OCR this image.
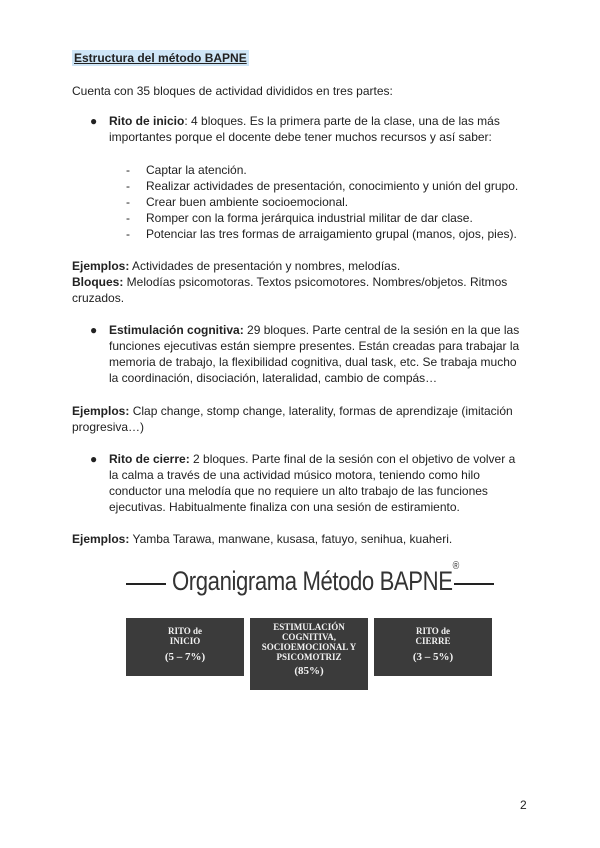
Estructura del método BAPNE

Cuenta con 35 bloques de actividad divididos en tres partes:

● Rito de inicio: 4 bloques. Es la primera parte de la clase, una de las más
importantes porque el docente debe tener muchos recursos y así saber:
- Captar la atención.
- Realizar actividades de presentación, conocimiento y unión del grupo.
- Crear buen ambiente socioemocional.
- Romper con la forma jerárquica industrial militar de dar clase.
- Potenciar las tres formas de arraigamiento grupal (manos, ojos, pies).
Ejemplos: Actividades de presentación y nombres, melodías.
Bloques: Melodías psicomotoras. Textos psicomotores. Nombres/objetos. Ritmos
cruzados.
● Estimulación cognitiva: 29 bloques. Parte central de la sesión en la que las
funciones ejecutivas están siempre presentes. Están creadas para trabajar la
memoria de trabajo, la flexibilidad cognitiva, dual task, etc. Se trabaja mucho
la coordinación, disociación, lateralidad, cambio de compás…
Ejemplos: Clap change, stomp change, laterality, formas de aprendizaje (imitación
progresiva…)
● Rito de cierre: 2 bloques. Parte final de la sesión con el objetivo de volver a
la calma a través de una actividad músico motora, teniendo como hilo
conductor una melodía que no requiere un alto trabajo de las funciones
ejecutivas. Habitualmente finaliza con una sesión de estiramiento.
Ejemplos: Yamba Tarawa, manwane, kusasa, fatuyo, senihua, kuaheri.
Organigrama Método BAPNE®
RITO de
INICIO
(5 – 7%)
ESTIMULACIÓN
COGNITIVA,
SOCIOEMOCIONAL Y
PSICOMOTRIZ
(85%)
RITO de
CIERRE
(3 – 5%)
2
